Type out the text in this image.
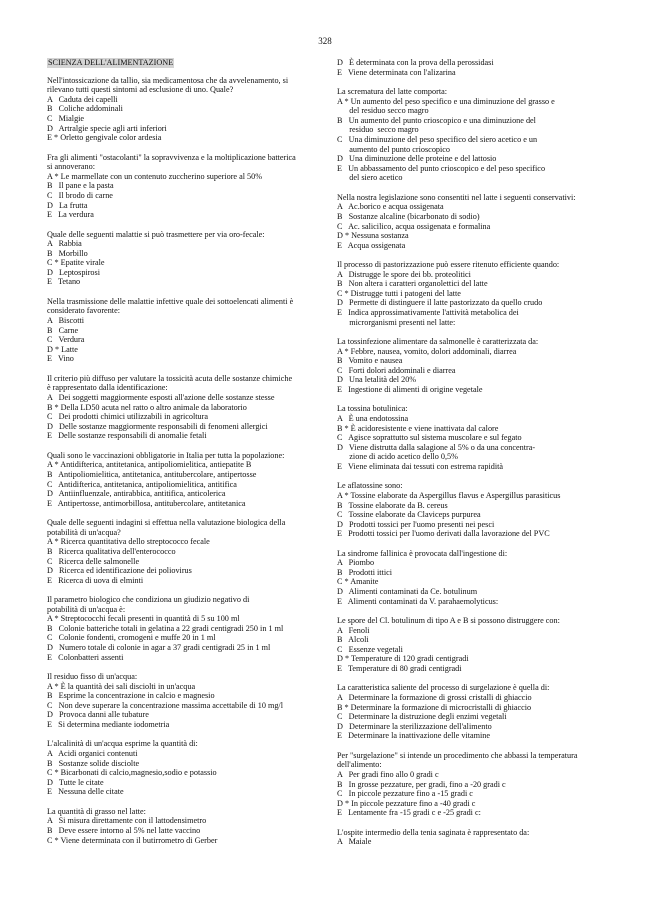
328
SCIENZA DELL'ALIMENTAZIONE
Nell'intossicazione da tallio, sia medicamentosa che da avvelenamento, si
rilevano tutti questi sintomi ad esclusione di uno. Quale?
A   Caduta dei capelli
B   Coliche addominali
C   Mialgie
D   Artralgie specie agli arti inferiori
E * Orletto gengivale color ardesia
Fra gli alimenti "ostacolanti" la sopravvivenza e la moltiplicazione batterica
si annoverano:
A * Le marmellate con un contenuto zuccherino superiore al 50%
B   Il pane e la pasta
C   Il brodo di carne
D   La frutta
E   La verdura
Quale delle seguenti malattie si può trasmettere per via oro-fecale:
A   Rabbia
B   Morbillo
C * Epatite virale
D   Leptospirosi
E   Tetano
Nella trasmissione delle malattie infettive quale dei sottoelencati alimenti è
considerato favorente:
A   Biscotti
B   Carne
C   Verdura
D * Latte
E   Vino
Il criterio più diffuso per valutare la tossicità acuta delle sostanze chimiche
è rappresentato dalla identificazione:
A   Dei soggetti maggiormente esposti all'azione delle sostanze stesse
B * Della LD50 acuta nel ratto o altro animale da laboratorio
C   Dei prodotti chimici utilizzabili in agricoltura
D   Delle sostanze maggiormente responsabili di fenomeni allergici
E   Delle sostanze responsabili di anomalie fetali
Quali sono le vaccinazioni obbligatorie in Italia per tutta la popolazione:
A * Antidifterica, antitetanica, antipoliomielitica, antiepatite B
B   Antipoliomielitica, antitetanica, antitubercolare, antipertosse
C   Antidifterica, antitetanica, antipoliomielitica, antitifica
D   Antiinfluenzale, antirabbica, antitifica, anticolerica
E   Antipertosse, antimorbillosa, antitubercolare, antitetanica
Quale delle seguenti indagini si effettua nella valutazione biologica della
potabilità di un'acqua?
A * Ricerca quantitativa dello streptococco fecale
B   Ricerca qualitativa dell'enterococco
C   Ricerca delle salmonelle
D   Ricerca ed identificazione dei poliovirus
E   Ricerca di uova di elminti
Il parametro biologico che condiziona un giudizio negativo di
potabilità di un'acqua è:
A * Streptococchi fecali presenti in quantità di 5 su 100 ml
B   Colonie batteriche totali in gelatina a 22 gradi centigradi 250 in 1 ml
C   Colonie fondenti, cromogeni e muffe 20 in 1 ml
D   Numero totale di colonie in agar a 37 gradi centigradi 25 in 1 ml
E   Colonbatteri assenti
Il residuo fisso di un'acqua:
A * È la quantità dei sali disciolti in un'acqua
B   Esprime la concentrazione in calcio e magnesio
C   Non deve superare la concentrazione massima accettabile di 10 mg/l
D   Provoca danni alle tubature
E   Si determina mediante iodometria
L'alcalinità di un'acqua esprime la quantità di:
A   Acidi organici contenuti
B   Sostanze solide disciolte
C * Bicarbonati di calcio,magnesio,sodio e potassio
D   Tutte le citate
E   Nessuna delle citate
La quantità di grasso nel latte:
A   Si misura direttamente con il lattodensimetro
B   Deve essere intorno al 5% nel latte vaccino
C * Viene determinata con il butirrometro di Gerber
D   È determinata con la prova della perossidasi
E   Viene determinata con l'alizarina
La scrematura del latte comporta:
A * Un aumento del peso specifico e una diminuzione del grasso e
del residuo secco magro
B   Un aumento del punto crioscopico e una diminuzione del
residuo  secco magro
C   Una diminuzione del peso specifico del siero acetico e un
aumento del punto crioscopico
D   Una diminuzione delle proteine e del lattosio
E   Un abbassamento del punto crioscopico e del peso specifico
del siero acetico
Nella nostra legislazione sono consentiti nel latte i seguenti conservativi:
A   Ac.borico e acqua ossigenata
B   Sostanze alcaline (bicarbonato di sodio)
C   Ac. salicilico, acqua ossigenata e formalina
D * Nessuna sostanza
E   Acqua ossigenata
Il processo di pastorizzazione può essere ritenuto efficiente quando:
A   Distrugge le spore dei bb. proteolitici
B   Non altera i caratteri organolettici del latte
C * Distrugge tutti i patogeni del latte
D   Permette di distinguere il latte pastorizzato da quello crudo
E   Indica approssimativamente l'attività metabolica dei
microrganismi presenti nel latte:
La tossinfezione alimentare da salmonelle è caratterizzata da:
A * Febbre, nausea, vomito, dolori addominali, diarrea
B   Vomito e nausea
C   Forti dolori addominali e diarrea
D   Una letalità del 20%
E   Ingestione di alimenti di origine vegetale
La tossina botulinica:
A   È una endotossina
B * È acidoresistente e viene inattivata dal calore
C   Agisce soprattutto sul sistema muscolare e sul fegato
D   Viene distrutta dalla salagione al 5% o da una concentra-
zione di acido acetico dello 0,5%
E   Viene eliminata dai tessuti con estrema rapidità
Le aflatossine sono:
A * Tossine elaborate da Aspergillus flavus e Aspergillus parasiticus
B   Tossine elaborate da B. cereus
C   Tossine elaborate da Claviceps purpurea
D   Prodotti tossici per l'uomo presenti nei pesci
E   Prodotti tossici per l'uomo derivati dalla lavorazione del PVC
La sindrome fallinica è provocata dall'ingestione di:
A   Piombo
B   Prodotti ittici
C * Amanite
D   Alimenti contaminati da Ce. botulinum
E   Alimenti contaminati da V. parahaemolyticus:
Le spore del Cl. botulinum di tipo A e B si possono distruggere con:
A   Fenoli
B   Alcoli
C   Essenze vegetali
D * Temperature di 120 gradi centigradi
E   Temperature di 80 gradi centigradi
La caratteristica saliente del processo di surgelazione è quella di:
A   Determinare la formazione di grossi cristalli di ghiaccio
B * Determinare la formazione di microcristalli di ghiaccio
C   Determinare la distruzione degli enzimi vegetali
D   Determinare la sterilizzazione dell'alimento
E   Determinare la inattivazione delle vitamine
Per "surgelazione" si intende un procedimento che abbassi la temperatura
dell'alimento:
A   Per gradi fino allo 0 gradi c
B   In grosse pezzature, per gradi, fino a -20 gradi c
C   In piccole pezzature fino a -15 gradi c
D * In piccole pezzature fino a -40 gradi c
E   Lentamente fra -15 gradi c e -25 gradi c:
L'ospite intermedio della tenia saginata è rappresentato da:
A   Maiale
